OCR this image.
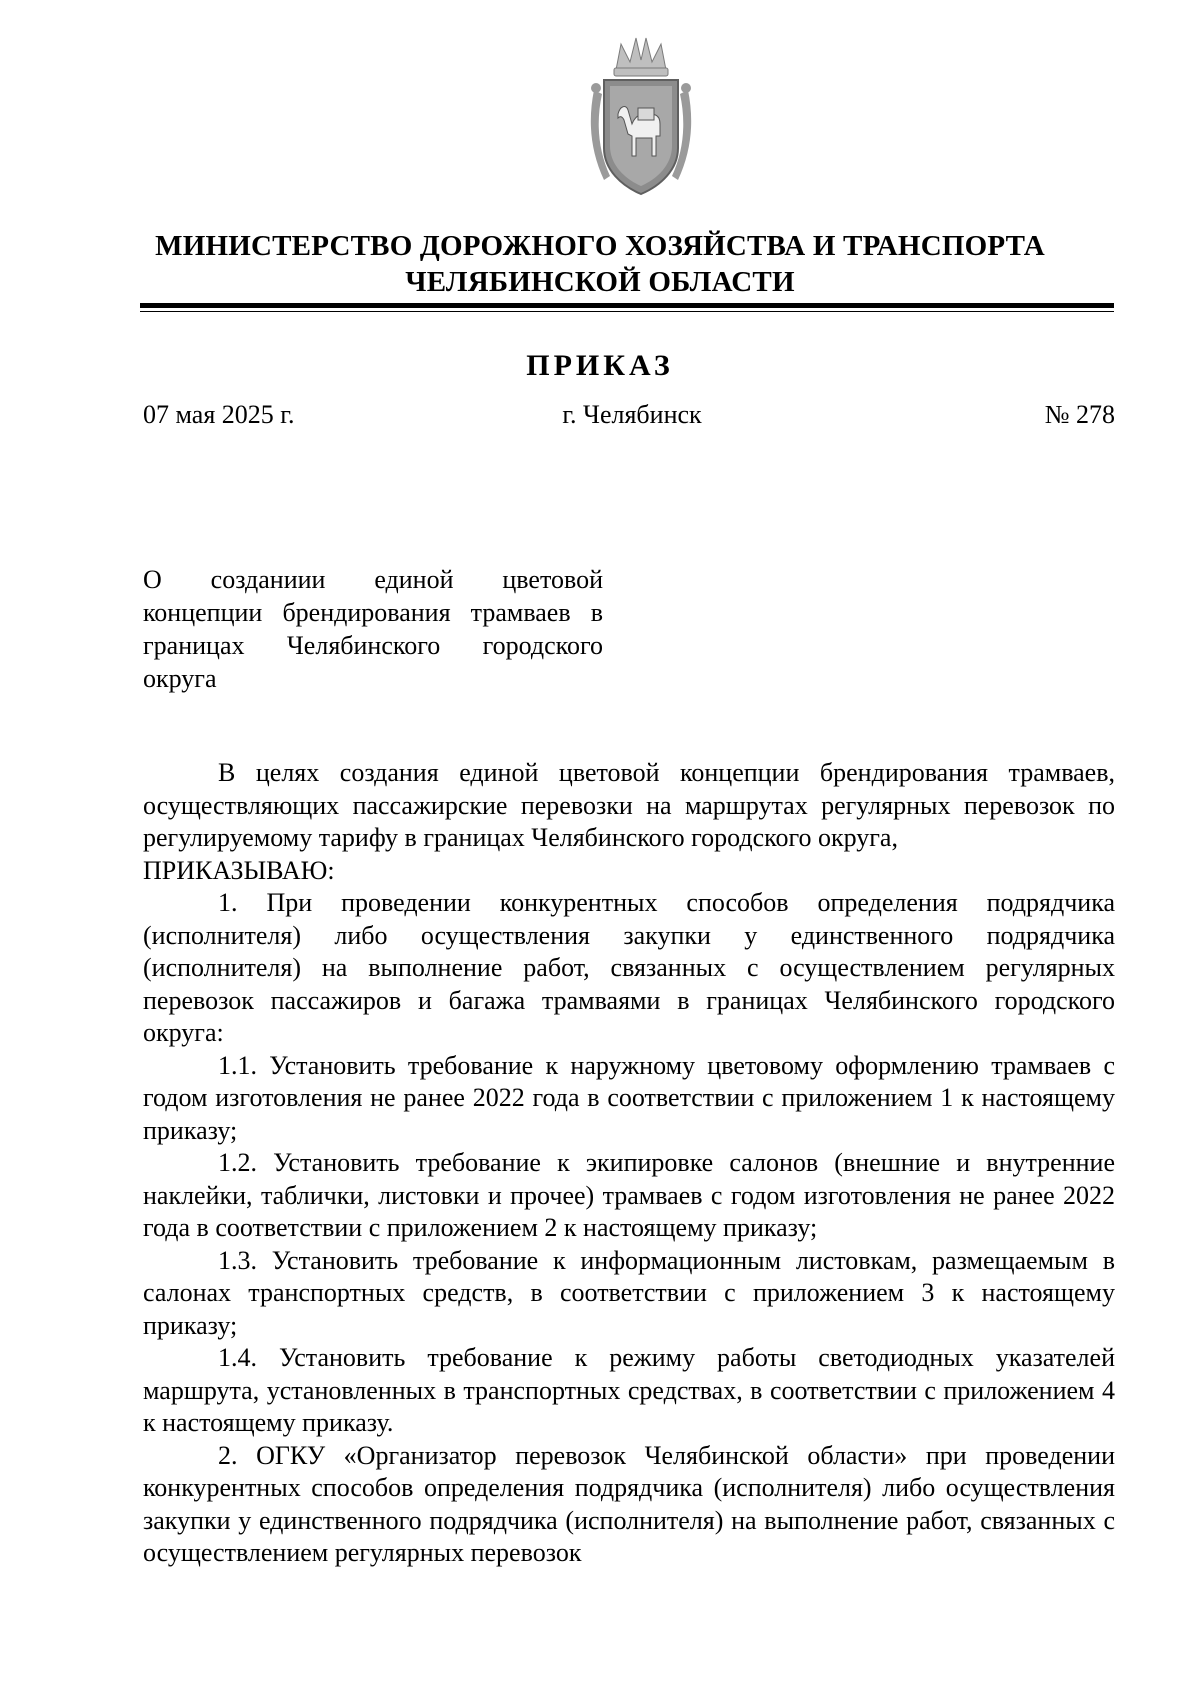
МИНИСТЕРСТВО ДОРОЖНОГО ХОЗЯЙСТВА И ТРАНСПОРТА
ЧЕЛЯБИНСКОЙ ОБЛАСТИ
ПРИКАЗ
07 мая 2025 г.	г. Челябинск	№ 278
О созданиии единой цветовой
концепции брендирования трамваев в
границах Челябинского городского
округа

В целях создания единой цветовой концепции брендирования трамваев, осуществляющих пассажирские перевозки на маршрутах регулярных перевозок по регулируемому тарифу в границах Челябинского городского округа,

ПРИКАЗЫВАЮ:

1. При проведении конкурентных способов определения подрядчика (исполнителя) либо осуществления закупки у единственного подрядчика (исполнителя) на выполнение работ, связанных с осуществлением регулярных перевозок пассажиров и багажа трамваями в границах Челябинского городского округа:

1.1. Установить требование к наружному цветовому оформлению трамваев с годом изготовления не ранее 2022 года в соответствии с приложением 1 к настоящему приказу;

1.2. Установить требование к экипировке салонов (внешние и внутренние наклейки, таблички, листовки и прочее) трамваев с годом изготовления не ранее 2022 года в соответствии с приложением 2 к настоящему приказу;

1.3. Установить требование к информационным листовкам, размещаемым в салонах транспортных средств, в соответствии с приложением 3 к настоящему приказу;

1.4. Установить требование к режиму работы светодиодных указателей маршрута, установленных в транспортных средствах, в соответствии с приложением 4 к настоящему приказу.

2. ОГКУ «Организатор перевозок Челябинской области» при проведении конкурентных способов определения подрядчика (исполнителя) либо осуществления закупки у единственного подрядчика (исполнителя) на выполнение работ, связанных с осуществлением регулярных перевозок
